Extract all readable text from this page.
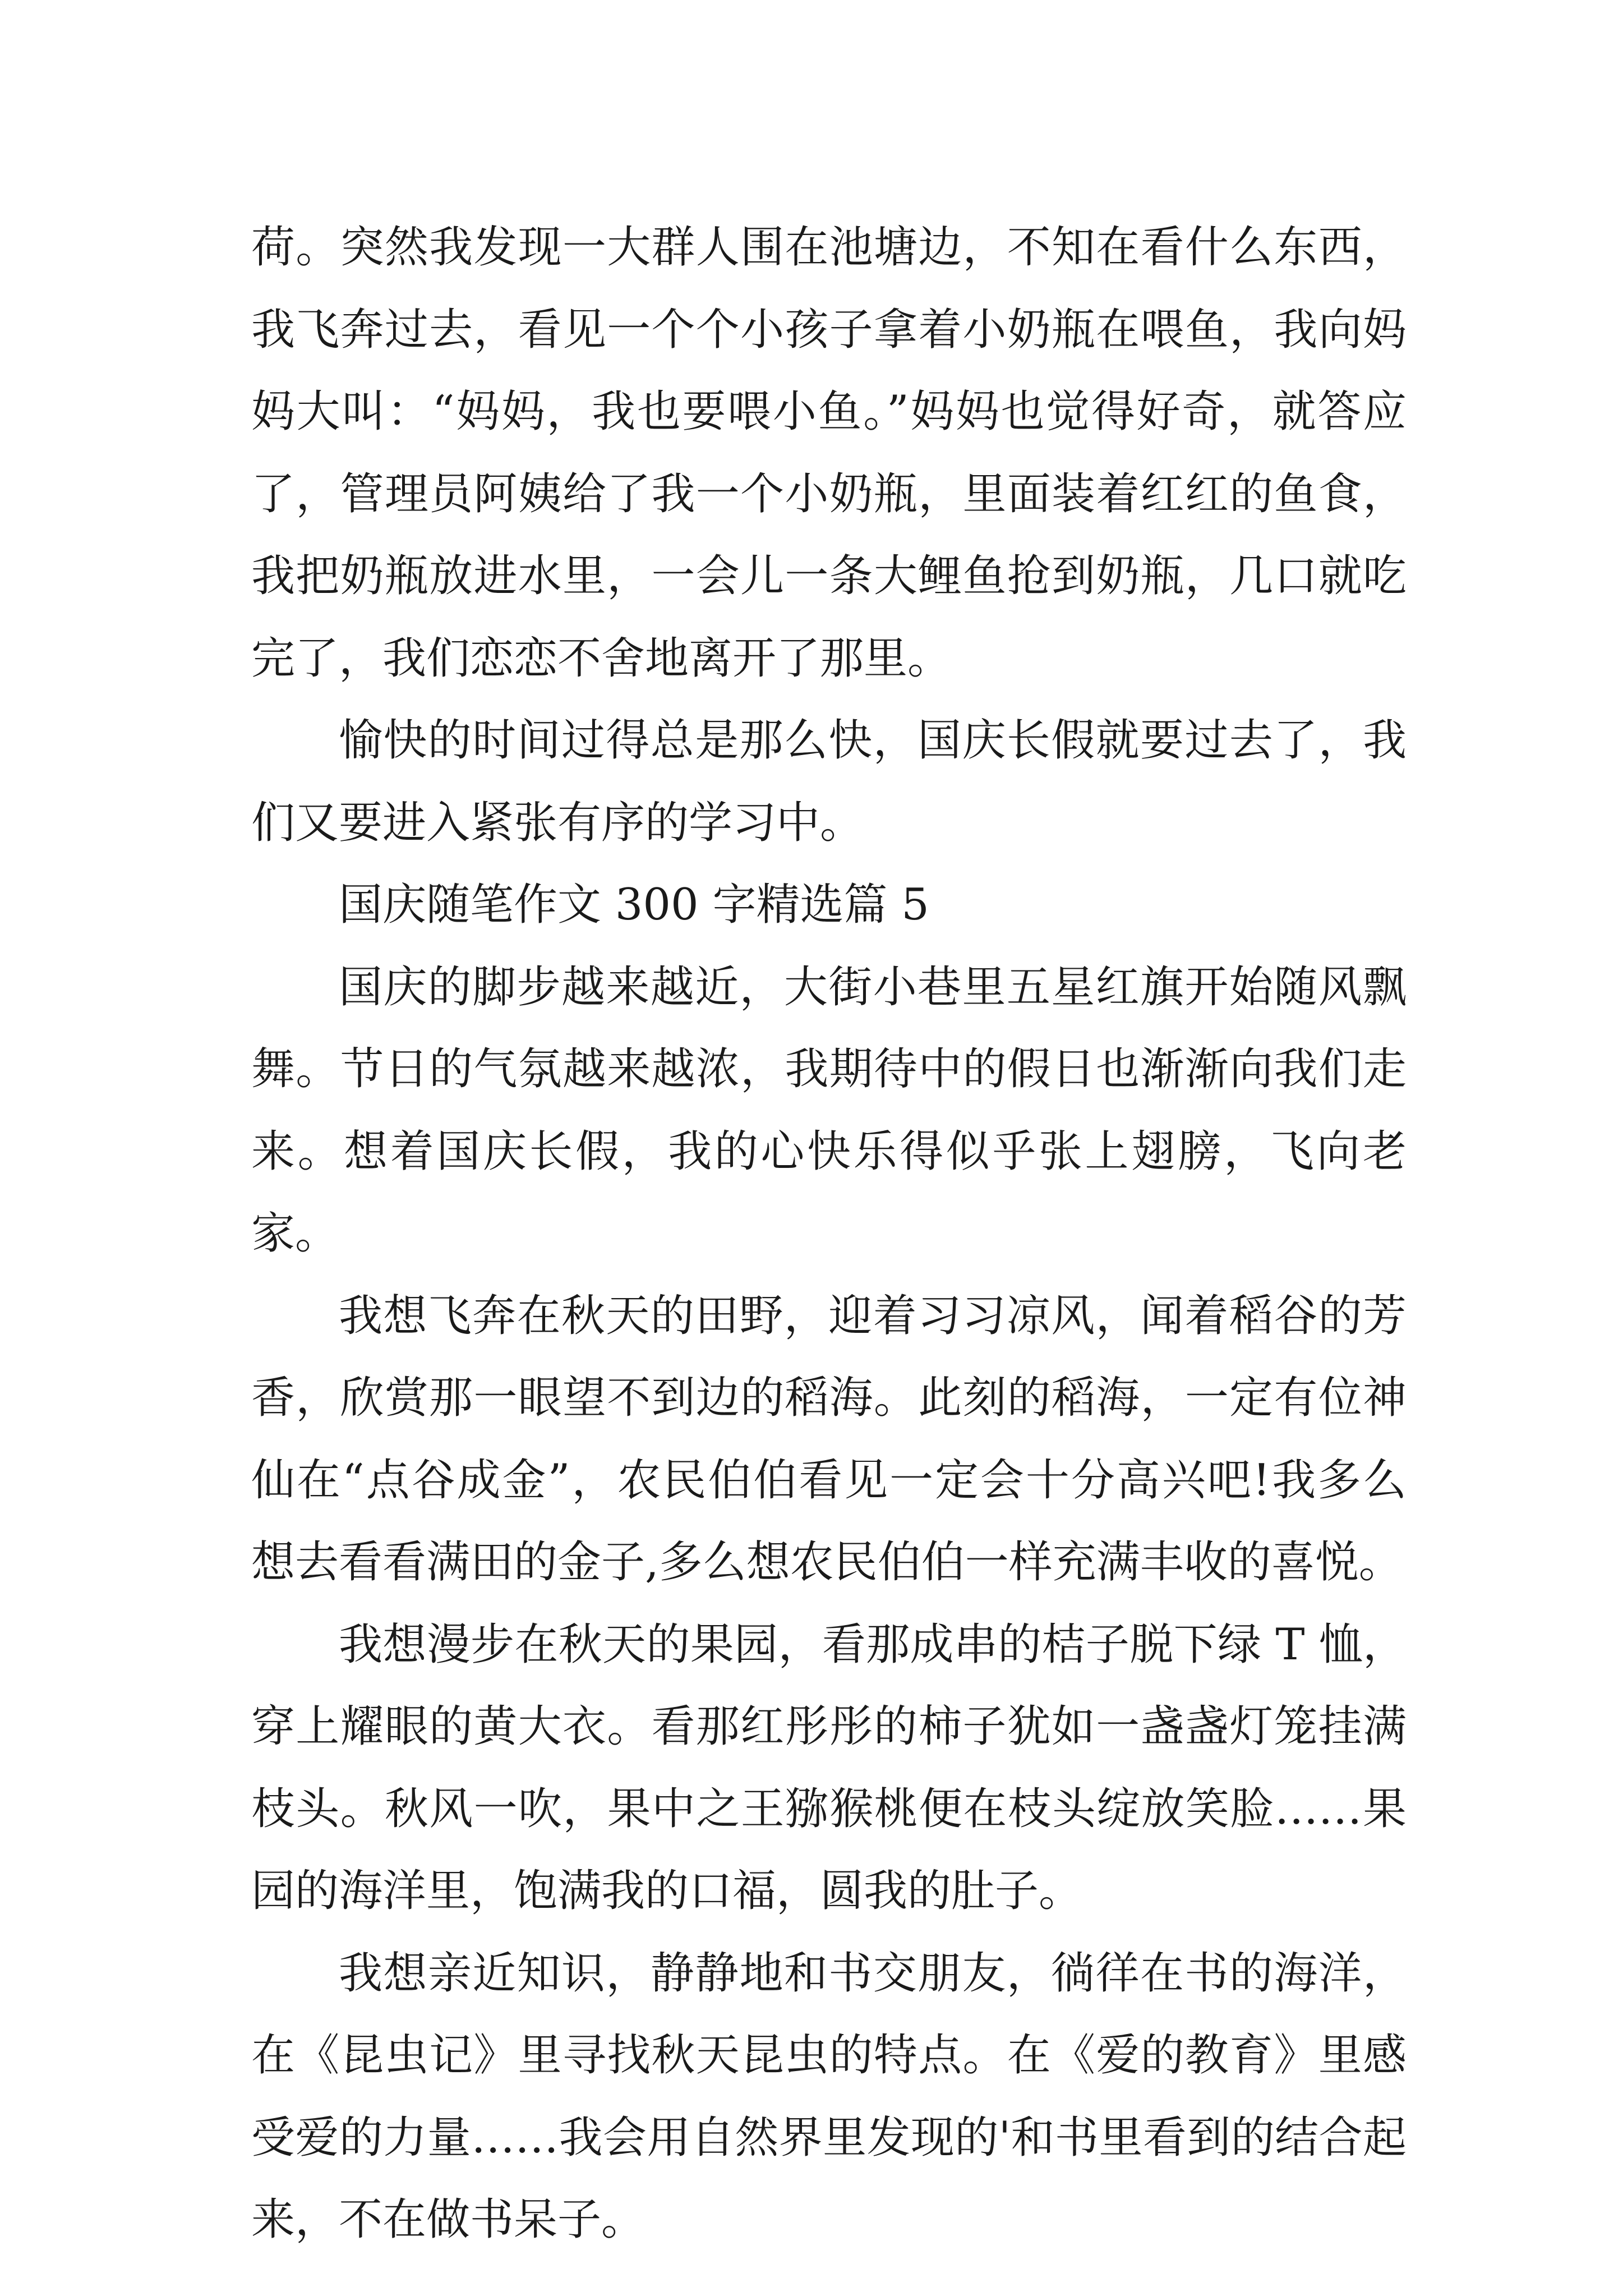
荷。突然我发现一大群人围在池塘边，不知在看什么东西，我飞奔过去，看见一个个小孩子拿着小奶瓶在喂鱼，我向妈妈大叫：“妈妈，我也要喂小鱼。”妈妈也觉得好奇，就答应了，管理员阿姨给了我一个小奶瓶，里面装着红红的鱼食，我把奶瓶放进水里，一会儿一条大鲤鱼抢到奶瓶，几口就吃完了，我们恋恋不舍地离开了那里。

愉快的时间过得总是那么快，国庆长假就要过去了，我们又要进入紧张有序的学习中。

国庆随笔作文 300 字精选篇 5

国庆的脚步越来越近，大街小巷里五星红旗开始随风飘舞。节日的气氛越来越浓，我期待中的假日也渐渐向我们走来。想着国庆长假，我的心快乐得似乎张上翅膀，飞向老家。

我想飞奔在秋天的田野，迎着习习凉风，闻着稻谷的芳香，欣赏那一眼望不到边的稻海。此刻的稻海，一定有位神仙在“点谷成金”，农民伯伯看见一定会十分高兴吧!我多么想去看看满田的金子,多么想农民伯伯一样充满丰收的喜悦。

我想漫步在秋天的果园，看那成串的桔子脱下绿 T 恤，穿上耀眼的黄大衣。看那红彤彤的柿子犹如一盏盏灯笼挂满枝头。秋风一吹，果中之王猕猴桃便在枝头绽放笑脸……果园的海洋里，饱满我的口福，圆我的肚子。

我想亲近知识，静静地和书交朋友，徜徉在书的海洋，在《昆虫记》里寻找秋天昆虫的特点。在《爱的教育》里感受爱的力量……我会用自然界里发现的'和书里看到的结合起来，不在做书呆子。
